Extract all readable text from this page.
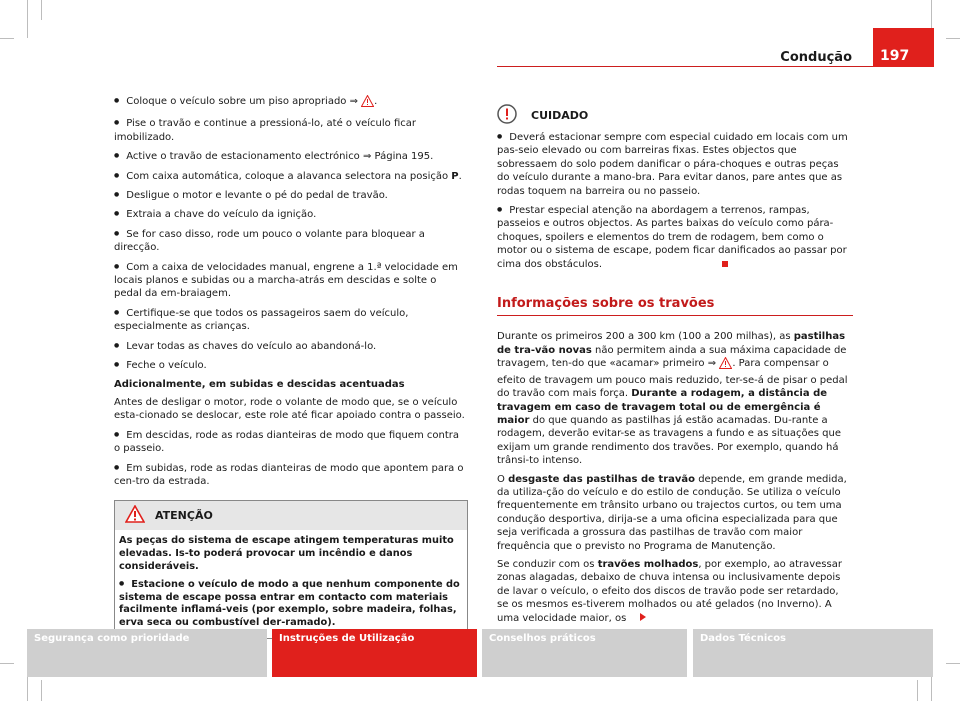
Condução	197

● Coloque o veículo sobre um piso apropriado ⇒ .

● Pise o travão e continue a pressioná-lo, até o veículo ficar imobilizado.

● Active o travão de estacionamento electrónico ⇒ Página 195.

● Com caixa automática, coloque a alavanca selectora na posição P.

● Desligue o motor e levante o pé do pedal de travão.

● Extraia a chave do veículo da ignição.

● Se for caso disso, rode um pouco o volante para bloquear a direcção.

● Com a caixa de velocidades manual, engrene a 1.ª velocidade em locais planos e subidas ou a marcha-atrás em descidas e solte o pedal da em-braiagem.

● Certifique-se que todos os passageiros saem do veículo, especialmente as crianças.

● Levar todas as chaves do veículo ao abandoná-lo.

● Feche o veículo.

Adicionalmente, em subidas e descidas acentuadas

Antes de desligar o motor, rode o volante de modo que, se o veículo esta-cionado se deslocar, este role até ficar apoiado contra o passeio.

● Em descidas, rode as rodas dianteiras de modo que fiquem contra o passeio.

● Em subidas, rode as rodas dianteiras de modo que apontem para o cen-tro da estrada.

ATENÇÃO

As peças do sistema de escape atingem temperaturas muito elevadas. Is-to poderá provocar um incêndio e danos consideráveis.

● Estacione o veículo de modo a que nenhum componente do sistema de escape possa entrar em contacto com materiais facilmente inflamá-veis (por exemplo, sobre madeira, folhas, erva seca ou combustível der-ramado).

CUIDADO

● Deverá estacionar sempre com especial cuidado em locais com um pas-seio elevado ou com barreiras fixas. Estes objectos que sobressaem do solo podem danificar o pára-choques e outras peças do veículo durante a mano-bra. Para evitar danos, pare antes que as rodas toquem na barreira ou no passeio.

● Prestar especial atenção na abordagem a terrenos, rampas, passeios e outros objectos. As partes baixas do veículo como pára-choques, spoilers e elementos do trem de rodagem, bem como o motor ou o sistema de escape, podem ficar danificados ao passar por cima dos obstáculos.

Informações sobre os travões

Durante os primeiros 200 a 300 km (100 a 200 milhas), as pastilhas de tra-vão novas não permitem ainda a sua máxima capacidade de travagem, ten-do que «acamar» primeiro ⇒ . Para compensar o efeito de travagem um pouco mais reduzido, ter-se-á de pisar o pedal do travão com mais força. Durante a rodagem, a distância de travagem em caso de travagem total ou de emergência é maior do que quando as pastilhas já estão acamadas. Du-rante a rodagem, deverão evitar-se as travagens a fundo e as situações que exijam um grande rendimento dos travões. Por exemplo, quando há trânsi-to intenso.

O desgaste das pastilhas de travão depende, em grande medida, da utiliza-ção do veículo e do estilo de condução. Se utiliza o veículo frequentemente em trânsito urbano ou trajectos curtos, ou tem uma condução desportiva, dirija-se a uma oficina especializada para que seja verificada a grossura das pastilhas de travão com maior frequência que o previsto no Programa de Manutenção.

Se conduzir com os travões molhados, por exemplo, ao atravessar zonas alagadas, debaixo de chuva intensa ou inclusivamente depois de lavar o veículo, o efeito dos discos de travão pode ser retardado, se os mesmos es-tiverem molhados ou até gelados (no Inverno). A uma velocidade maior, os

Segurança como prioridade	Instruções de Utilização	Conselhos práticos	Dados Técnicos
